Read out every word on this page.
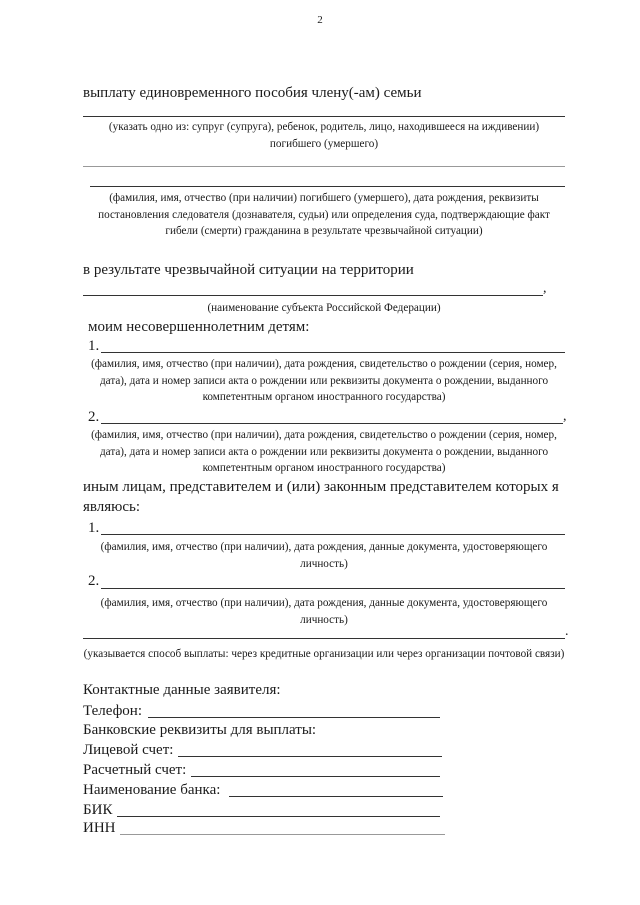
2
выплату единовременного пособия члену(-ам) семьи
(указать одно из: супруг (супруга), ребенок, родитель, лицо, находившееся на иждивении) погибшего (умершего)
(фамилия, имя, отчество (при наличии) погибшего (умершего), дата рождения, реквизиты постановления следователя (дознавателя, судьи) или определения суда, подтверждающие факт гибели (смерти) гражданина в результате чрезвычайной ситуации)
в результате чрезвычайной ситуации на территории
,
(наименование субъекта Российской Федерации)
моим несовершеннолетним детям:
1.
(фамилия, имя, отчество (при наличии), дата рождения, свидетельство о рождении (серия, номер, дата), дата и номер записи акта о рождении или реквизиты документа о рождении, выданного компетентным органом иностранного государства)
2.	,
(фамилия, имя, отчество (при наличии), дата рождения, свидетельство о рождении (серия, номер, дата), дата и номер записи акта о рождении или реквизиты документа о рождении, выданного компетентным органом иностранного государства)
иным лицам, представителем и (или) законным представителем которых я
являюсь:
1.
(фамилия, имя, отчество (при наличии), дата рождения, данные документа, удостоверяющего личность)
2.
(фамилия, имя, отчество (при наличии), дата рождения, данные документа, удостоверяющего личность)
.
(указывается способ выплаты: через кредитные организации или через организации почтовой связи)
Контактные данные заявителя:
Телефон:
Банковские реквизиты для выплаты:
Лицевой счет:
Расчетный счет:
Наименование банка:
БИК
ИНН
